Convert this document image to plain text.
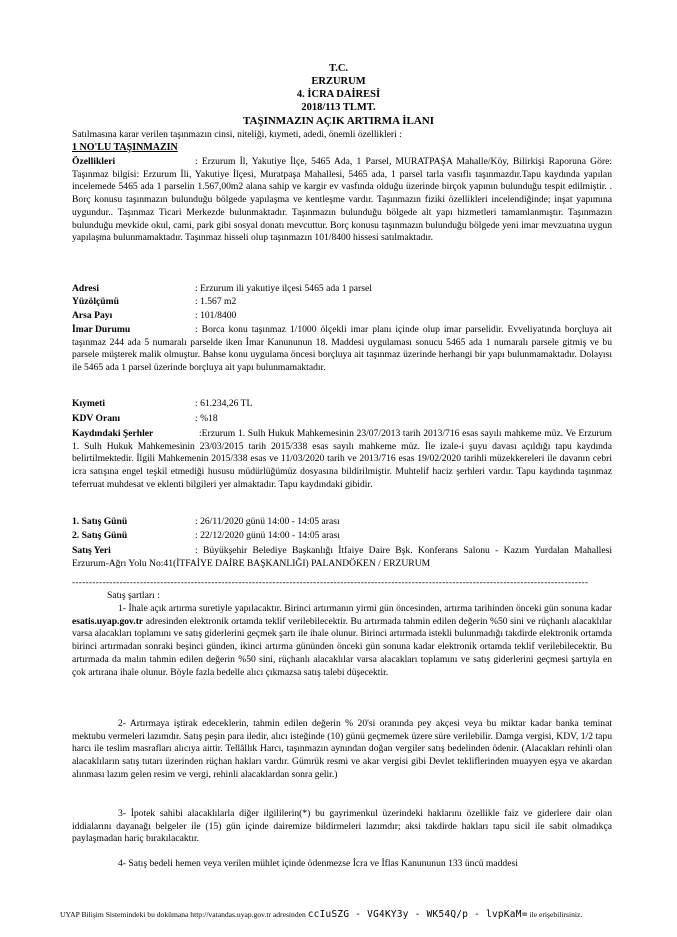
T.C.
ERZURUM
4. İCRA DAİRESİ
2018/113 TLMT.
TAŞINMAZIN AÇIK ARTIRMA İLANI
Satılmasına karar verilen taşınmazın cinsi, niteliği, kıymeti, adedi, önemli özellikleri :
1 NO'LU TAŞINMAZIN
Özellikleri	: Erzurum İl, Yakutiye İlçe, 5465 Ada, 1 Parsel, MURATPAŞA Mahalle/Köy, Bilirkişi Raporuna Göre: Taşınmaz bilgisi: Erzurum İli, Yakutiye İlçesi, Muratpaşa Mahallesi, 5465 ada, 1 parsel tarla vasıflı taşınmazdır.Tapu kaydında yapılan incelemede 5465 ada 1 parselin 1.567,00m2 alana sahip ve kargir ev vasfında olduğu üzerinde birçok yapının bulunduğu tespit edilmiştir. . Borç konusu taşınmazın bulunduğu bölgede yapılaşma ve kentleşme vardır. Taşınmazın fiziki özellikleri incelendiğinde; inşat yapımına uygundur.. Taşınmaz Ticari Merkezde bulunmaktadır. Taşınmazın bulunduğu bölgede alt yapı hizmetleri tamamlanmıştır. Taşınmazın bulunduğu mevkide okul, cami, park gibi sosyal donatı mevcuttur. Borç konusu taşınmazın bulunduğu bölgede yeni imar mevzuatına uygun yapılaşma bulunmamaktadır. Taşınmaz hisseli olup taşınmazın 101/8400 hissesi satılmaktadır.
Adresi	: Erzurum ili yakutiye ilçesi 5465 ada 1 parsel
Yüzölçümü	: 1.567 m2
Arsa Payı	: 101/8400
İmar Durumu	: Borca konu taşınmaz 1/1000 ölçekli imar planı içinde olup imar parselidir. Evveliyatında borçluya ait taşınmaz 244 ada 5 numaralı parselde iken İmar Kanununun 18. Maddesi uygulaması sonucu 5465 ada 1 numaralı parsele gitmiş ve bu parsele müşterek malik olmuştur. Bahse konu uygulama öncesi borçluya ait taşınmaz üzerinde herhangi bir yapı bulunmamaktadır. Dolayısı ile 5465 ada 1 parsel üzerinde borçluya ait yapı bulunmamaktadır.
Kıymeti	: 61.234,26 TL
KDV Oranı	: %18
Kaydındaki Şerhler	:Erzurum 1. Sulh Hukuk Mahkemesinin 23/07/2013 tarih 2013/716 esas sayılı mahkeme müz. Ve Erzurum 1. Sulh Hukuk Mahkemesinin 23/03/2015 tarih 2015/338 esas sayılı mahkeme müz. İle izale-i şuyu davası açıldığı tapu kaydında belirtilmektedir. İlgili Mahkemenin 2015/338 esas ve 11/03/2020 tarih ve 2013/716 esas 19/02/2020 tarihli müzekkereleri ile davanın cebri icra satışına engel teşkil etmediği hususu müdürlüğümüz dosyasına bildirilmiştir. Muhtelif haciz şerhleri vardır. Tapu kaydında taşınmaz teferruat muhdesat ve eklenti bilgileri yer almaktadır. Tapu kaydındaki gibidir.
1. Satış Günü	: 26/11/2020 günü 14:00 - 14:05 arası
2. Satış Günü	: 22/12/2020 günü 14:00 - 14:05 arası
Satış Yeri	: Büyükşehir Belediye Başkanlığı İtfaiye Daire Bşk. Konferans Salonu - Kazım Yurdalan Mahallesi Erzurum-Ağrı Yolu No:41(İTFAİYE DAİRE BAŞKANLIĞI) PALANDÖKEN / ERZURUM
--------------------------------------------------------------------------------------------------------------------------------------------------------
Satış şartları :
1- İhale açık artırma suretiyle yapılacaktır. Birinci artırmanın yirmi gün öncesinden, artırma tarihinden önceki gün sonuna kadar esatis.uyap.gov.tr adresinden elektronik ortamda teklif verilebilecektir. Bu artırmada tahmin edilen değerin %50 sini ve rüçhanlı alacaklılar varsa alacakları toplamını ve satış giderlerini geçmek şartı ile ihale olunur. Birinci artırmada istekli bulunmadığı takdirde elektronik ortamda birinci artırmadan sonraki beşinci günden, ikinci artırma gününden önceki gün sonuna kadar elektronik ortamda teklif verilebilecektir. Bu artırmada da malın tahmin edilen değerin %50 sini, rüçhanlı alacaklılar varsa alacakları toplamını ve satış giderlerini geçmesi şartıyla en çok artırana ihale olunur. Böyle fazla bedelle alıcı çıkmazsa satış talebi düşecektir.
2- Artırmaya iştirak edeceklerin, tahmin edilen değerin % 20'si oranında pey akçesi veya bu miktar kadar banka teminat mektubu vermeleri lazımdır. Satış peşin para iledir, alıcı isteğinde (10) günü geçmemek üzere süre verilebilir. Damga vergisi, KDV, 1/2 tapu harcı ile teslim masrafları alıcıya aittir. Tellâllık Harcı, taşınmazın aynından doğan vergiler satış bedelinden ödenir. (Alacakları rehinli olan alacaklıların satış tutarı üzerinden rüçhan hakları vardır. Gümrük resmi ve akar vergisi gibi Devlet tekliflerinden muayyen eşya ve akardan alınması lazım gelen resim ve vergi, rehinli alacaklardan sonra gelir.)
3- İpotek sahibi alacaklılarla diğer ilgililerin(*) bu gayrimenkul üzerindeki haklarını özellikle faiz ve giderlere dair olan iddialarını dayanağı belgeler ile (15) gün içinde dairemize bildirmeleri lazımdır; aksi takdirde hakları tapu sicil ile sabit olmadıkça paylaşmadan hariç bırakılacaktır.
4- Satış bedeli hemen veya verilen mühlet içinde ödenmezse İcra ve İflas Kanununun 133 üncü maddesi
UYAP Bilişim Sistemindeki bu dokümana http://vatandas.uyap.gov.tr adresinden ccIuSZG - VG4KY3y - WK54Q/p - lvpKaM= ile erişebilirsiniz.
